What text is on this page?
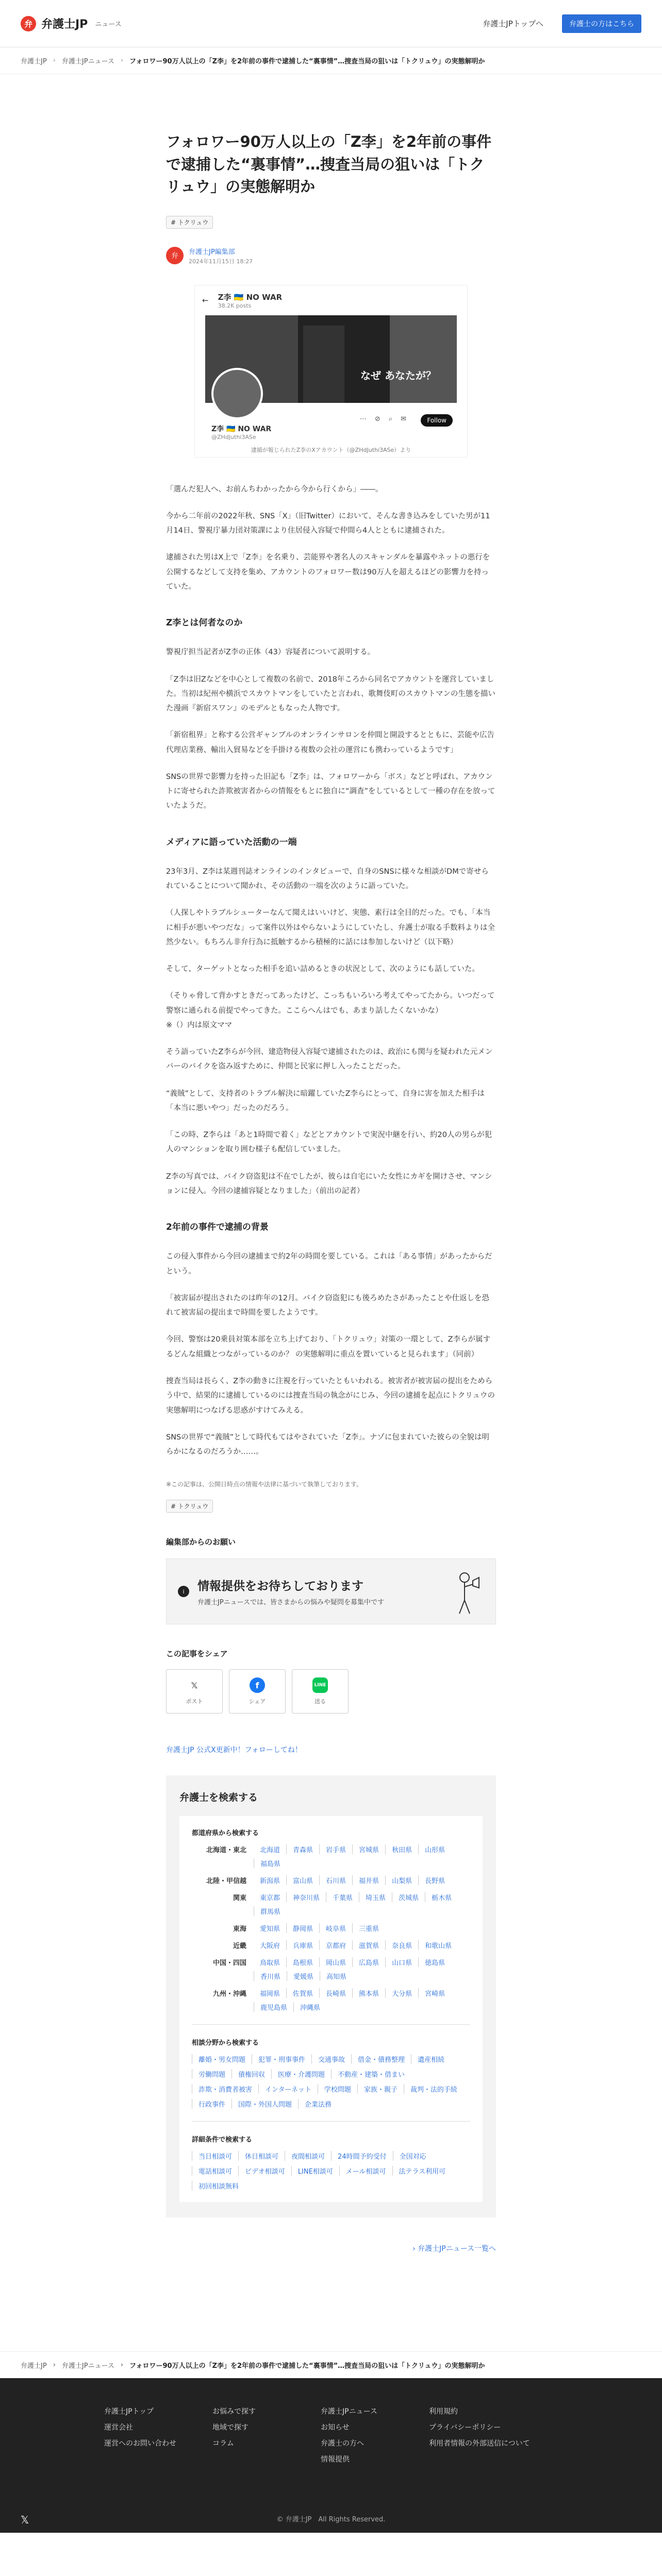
弁 弁護士JP ニュース	弁護士JPトップへ	弁護士の方はこちら
弁護士JP › 弁護士JPニュース › フォロワー90万人以上の「Z李」を2年前の事件で逮捕した“裏事情”…捜査当局の狙いは「トクリュウ」の実態解明か
フォロワー90万人以上の「Z李」を2年前の事件で逮捕した“裏事情”…捜査当局の狙いは「トクリュウ」の実態解明か
# トクリュウ
弁	弁護士JP編集部
2024年11月15日 18:27
← Z李 🇺🇦 NO WAR
38.2K posts
なぜ あなたが？
⋯ ⊘ ⌕ ✉	Follow
Z李 🇺🇦 NO WAR
@ZHdJuthi3ASe
逮捕が報じられたZ李のXアカウント（@ZHdJuthi3ASe）より

「選んだ犯人へ、お前んちわかったから今から行くから」――。

今から二年前の2022年秋、SNS「X」（旧Twitter）において、そんな書き込みをしていた男が11月14日、警視庁暴力団対策課により住居侵入容疑で仲間ら4人とともに逮捕された。

逮捕された男はX上で「Z李」を名乗り、芸能界や著名人のスキャンダルを暴露やネットの悪行を公開するなどして支持を集め、アカウントのフォロワー数は90万人を超えるほどの影響力を持っていた。

Z李とは何者なのか

警視庁担当記者がZ李の正体（43）容疑者について説明する。

「Z李は旧Zなどを中心として複数の名前で、2018年ころから同名でアカウントを運営していました。当初は紀州や横浜でスカウトマンをしていたと言われ、歌舞伎町のスカウトマンの生態を描いた漫画『新宿スワン』のモデルともなった人物です。

「新宿租界」と称する公営ギャンブルのオンラインサロンを仲間と開設するとともに、芸能や広告代理店業務、輸出入貿易などを手掛ける複数の会社の運営にも携わっているようです」

SNSの世界で影響力を持った旧記も「Z李」は、フォロワーから「ボス」などと呼ばれ、アカウントに寄せられた詐欺被害者からの情報をもとに独自に“調査”をしているとして一種の存在を放っていたようだ。

メディアに語っていた活動の一端

23年3月、Z李は某週刊誌オンラインのインタビューで、自身のSNSに様々な相談がDMで寄せられていることについて聞かれ、その活動の一端を次のように語っていた。

（人探しやトラブルシューターなんて聞えはいいけど、実態、素行は全目的だった。でも、「本当に相手が悪いやつだな」って案件以外はやらないようにしていたし、弁護士が取る手数料よりは全然少ない。もちろん非弁行為に抵触するから積極的に話には参加しないけど（以下略）

そして、ターゲットとなった相手を追い詰めるときの状況として、次のようにも話していた。

（そりゃ脅して背かすときだってあったけど、こっちもいろいろ考えてやってたから。いつだって警察に通られる前提でやってきた。ここらへんはでも、あまり話したくないかな）
※（）内は原文ママ

そう語っていたZ李らが今回、建造物侵入容疑で逮捕されたのは、政治にも関与を疑われた元メンバーのバイクを盗み返すために、仲間と民家に押し入ったことだった。

“義賊”として、支持者のトラブル解決に暗躍していたZ李らにとって、自身に害を加えた相手は「本当に悪いやつ」だったのだろう。

「この時、Z李らは「あと1時間で着く」などとアカウントで実況中継を行い、約20人の男らが犯人のマンションを取り囲む様子も配信していました。

Z李の写真では、バイク窃盗犯は不在でしたが、彼らは自宅にいた女性にカギを開けさせ、マンションに侵入。今回の逮捕容疑となりました」（前出の記者）

2年前の事件で逮捕の背景

この侵入事件から今回の逮捕まで約2年の時間を要している。これは「ある事情」があったからだという。

「被害届が提出されたのは昨年の12月。バイク窃盗犯にも後ろめたさがあったことや仕返しを恐れて被害届の提出まで時間を要したようです。

今回、警察は20乗員対策本部を立ち上げており、「トクリュウ」対策の一環として、Z李らが属するどんな組織とつながっているのか？ の実態解明に重点を置いていると見られます」（同前）

捜査当局は長らく、Z李の動きに注視を行っていたともいわれる。被害者が被害届の提出をためらう中で、結果的に逮捕しているのには捜査当局の執念がにじみ、今回の逮捕を起点にトクリュウの実態解明につなげる思惑がすけてみえる。

SNSの世界で“義賊”として時代もてはやされていた「Z李」。ナゾに包まれていた彼らの全貌は明らかになるのだろうか……。

※この記事は、公開日時点の情報や法律に基づいて執筆しております。
# トクリュウ
編集部からのお願い
i	情報提供をお待ちしております
弁護士JPニュースでは、皆さまからの悩みや疑問を募集中です
この記事をシェア
𝕏
ポスト
f
シェア
LINE
送る
弁護士JP 公式X更新中！フォローしてね！
弁護士を検索する
都道府県から検索する
北海道・東北	北海道	青森県	岩手県	宮城県	秋田県	山形県
福島県
北陸・甲信越	新潟県	富山県	石川県	福井県	山梨県	長野県
関東	東京都	神奈川県	千葉県	埼玉県	茨城県	栃木県
群馬県
東海	愛知県	静岡県	岐阜県	三重県
近畿	大阪府	兵庫県	京都府	滋賀県	奈良県	和歌山県
中国・四国	鳥取県	島根県	岡山県	広島県	山口県	徳島県
香川県	愛媛県	高知県
九州・沖縄	福岡県	佐賀県	長崎県	熊本県	大分県	宮崎県
鹿児島県	沖縄県
相談分野から検索する
離婚・男女問題	犯罪・刑事事件	交通事故	借金・債務整理	遺産相続
労働問題	債権回収	医療・介護問題	不動産・建築・借まい
詐欺・消費者被害	インターネット	学校問題	家族・親子	裁判・法的手続
行政事件	国際・外国人問題	企業法務
詳細条件で検索する
当日相談可	休日相談可	夜間相談可	24時間予約受付	全国対応
電話相談可	ビデオ相談可	LINE相談可	メール相談可	法テラス利用可
初回相談無料
› 弁護士JPニュース一覧へ
弁護士JP › 弁護士JPニュース › フォロワー90万人以上の「Z李」を2年前の事件で逮捕した“裏事情”…捜査当局の狙いは「トクリュウ」の実態解明か
弁護士JPトップ
運営会社
運営へのお問い合わせ
お悩みで探す
地域で探す
コラム
弁護士JPニュース
お知らせ
弁護士の方へ
情報提供
利用規約
プライバシーポリシー
利用者情報の外部送信について
𝕏	© 弁護士JP　All Rights Reserved.
